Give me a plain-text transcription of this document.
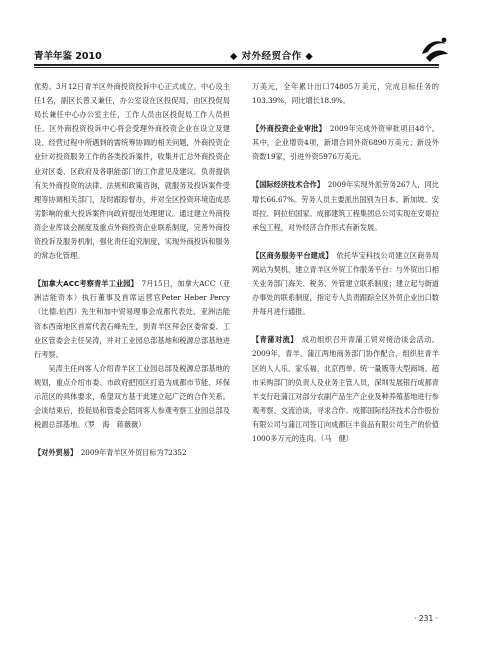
青羊年鉴 2010	◆ 对外经贸合作 ◆

优势。3月12日青羊区外商投资投诉中心正式成立。中心设主任1名，副区长曾又兼任，办公室设在区投促局，由区投促局局长兼任中心办公室主任，工作人员由区投促局工作人员担任。区外商投资投诉中心将会受理外商投资企业在设立及建设、经营过程中所遇到的需统筹协调的相关问题，外商投资企业针对投资服务工作的各类投诉案件，收集并汇总外商投资企业对区委、区政府及各职能部门的工作意见及建议，负责提供有关外商投资的法律、法规和政策咨询，就服务及投诉案件受理等协调相关部门，及时跟踪督办，并对全区投资环境造成恶劣影响的重大投诉案件向政府提出处理建议。通过建立外商投资企业库谈会制度及重点外商投资企业联系制度，完善外商投资投诉及服务机制，强化责任追究制度，实现外商投诉和服务的常态化管理。

【加拿大ACC考察青羊工业园】　 7月15日，加拿大ACC（亚洲洁能资本）执行董事及首席运营官Peter Heber Percy（比德.伯西）先生和加中贸易理事会成都代表处、亚洲洁能资本西南地区首席代表石峰先生，到青羊区拜会区委常委、工业区管委会主任吴涛，并对工业园总部基地和税源总部基地进行考察。

吴涛主任向客人介绍青羊区工业园总部及税源总部基地的规划，重点介绍市委、市政府把园区打造为成都市节能、环保示范区的具体要求，希望双方基于此建立起广泛的合作关系。会谈结束后，投促局和管委会陪同客人参观考察工业园总部及税源总部基地。（罗　海　蒋薇薇）

【对外贸易】　 2009年青羊区外贸目标为72352

万美元，全年累计出口74805万美元，完成目标任务的103.39%，同比增长18.9%。

【外商投资企业审批】　 2009年完成外资审批项目48个。其中，企业增资4项，新增合同外资6890万美元；新设外资数19家，引进外资5976万美元。

【国际经济技术合作】　 2009年实现外派劳务267人，同比增长66.67%。劳务人员主要派出国别为日本、新加坡、安哥拉、阿拉伯国家。成都建筑工程集团总公司实现在安哥拉承包工程，对外经济合作形式有新发展。

【区商务服务平台建成】　 依托华宝科技公司建立区商务局网站为契机，建立青羊区外贸工作服务平台：与外贸出口相关业务部门海关、税务、外管建立联系制度；建立起与街道办事处的联系制度，指定专人负责跟踪全区外贸企业出口数并每月进行通报。

【青蒲对流】　 成功组织召开青蒲工贸对接洽谈会活动。2009年，青羊、蒲江两地商务部门协作配合，组织驻青羊区的人人乐、家乐福、北京西单、统一量贩等大型商场、超市采购部门的负责人及业务主管人员，深圳发展银行成都青羊支行赴蒲江对部分农副产品生产企业及种养殖基地进行参观考察、交流洽谈，寻求合作。成都国际经济技术合作股份有限公司与蒲江司签订向成都巨丰食品有限公司生产的价值1000多万元的连肉。（马　健）

· 231 ·
